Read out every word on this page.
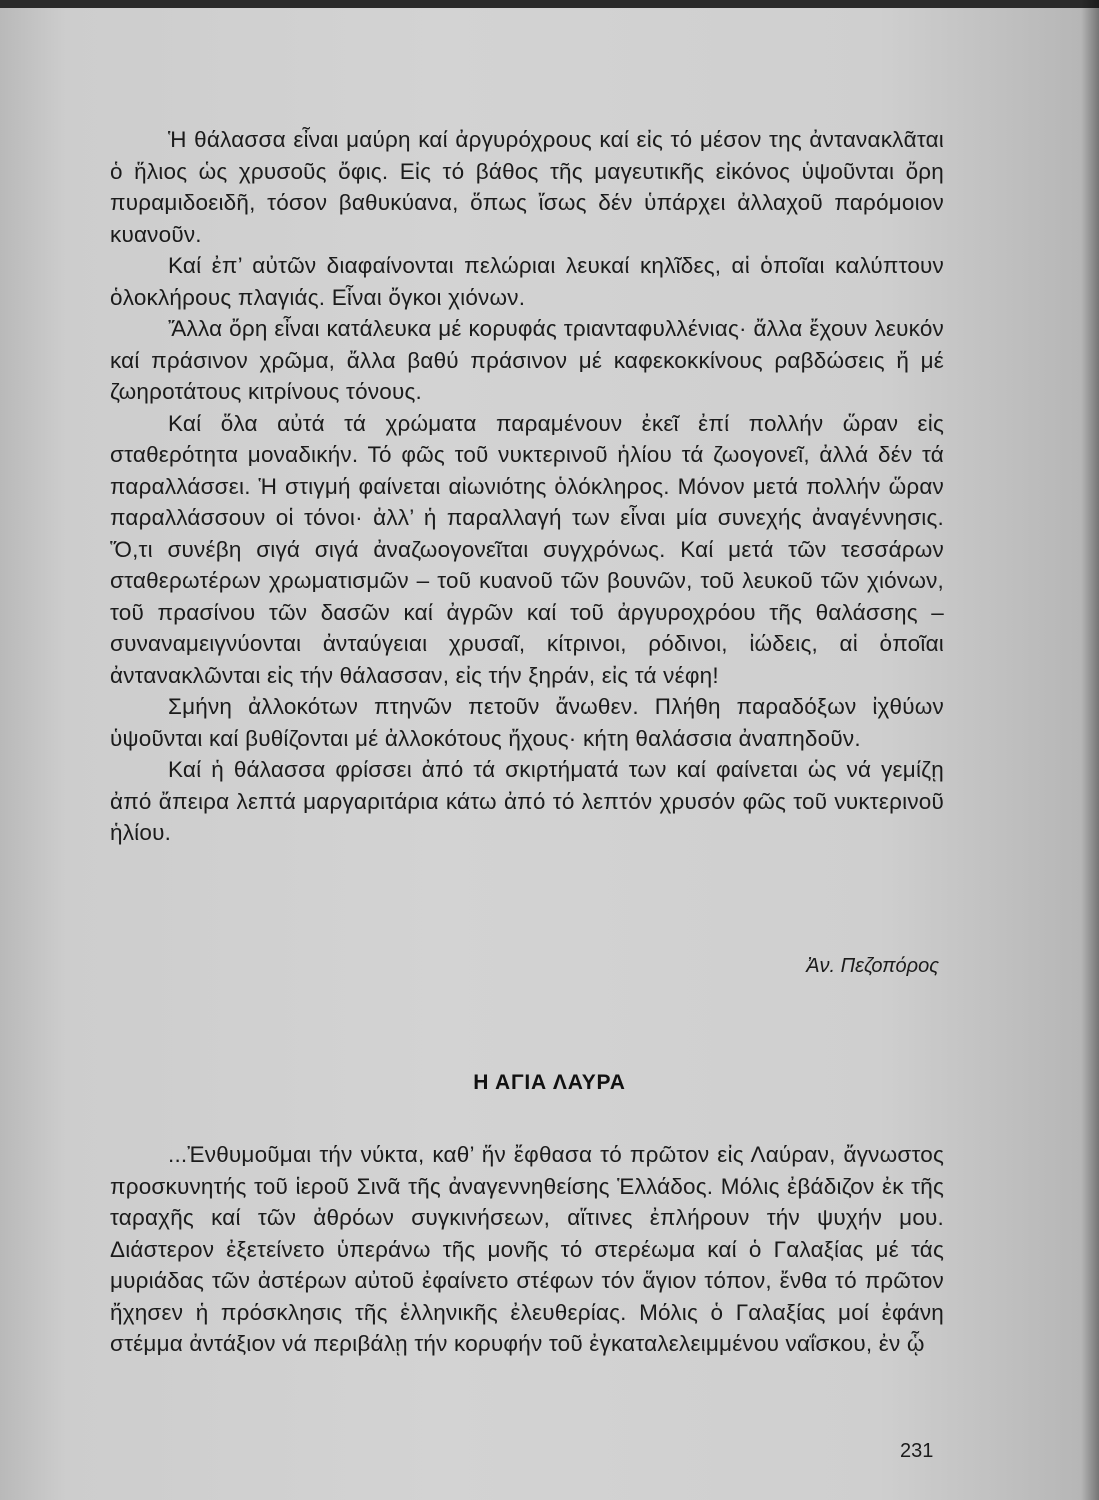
Ἡ θάλασσα εἶναι μαύρη καί ἀργυρόχρους καί εἰς τό μέσον της ἀντανακλᾶται ὁ ἥλιος ὡς χρυσοῦς ὄφις. Εἰς τό βάθος τῆς μαγευτικῆς εἰκόνος ὑψοῦνται ὄρη πυραμιδοειδῆ, τόσον βαθυκύανα, ὅπως ἴσως δέν ὑπάρχει ἀλλαχοῦ παρόμοιον κυανοῦν.

Καί ἐπ’ αὐτῶν διαφαίνονται πελώριαι λευκαί κηλῖδες, αἱ ὁποῖαι καλύπτουν ὁλοκλήρους πλαγιάς. Εἶναι ὄγκοι χιόνων.

Ἄλλα ὄρη εἶναι κατάλευκα μέ κορυφάς τριανταφυλλένιας· ἄλλα ἔχουν λευκόν καί πράσινον χρῶμα, ἄλλα βαθύ πράσινον μέ καφεκοκκίνους ραβδώσεις ἤ μέ ζωηροτάτους κιτρίνους τόνους.

Καί ὅλα αὐτά τά χρώματα παραμένουν ἐκεῖ ἐπί πολλήν ὥραν εἰς σταθερότητα μοναδικήν. Τό φῶς τοῦ νυκτερινοῦ ἡλίου τά ζωογονεῖ, ἀλλά δέν τά παραλλάσσει. Ἡ στιγμή φαίνεται αἰωνιότης ὁλόκληρος. Μόνον μετά πολλήν ὥραν παραλλάσσουν οἱ τόνοι· ἀλλ’ ἡ παραλλαγή των εἶναι μία συνεχής ἀναγέννησις. Ὅ,τι συνέβη σιγά σιγά ἀναζωογονεῖται συγχρόνως. Καί μετά τῶν τεσσάρων σταθερωτέρων χρωματισμῶν – τοῦ κυανοῦ τῶν βουνῶν, τοῦ λευκοῦ τῶν χιόνων, τοῦ πρασίνου τῶν δασῶν καί ἀγρῶν καί τοῦ ἀργυροχρόου τῆς θαλάσσης – συναναμειγνύονται ἀνταύγειαι χρυσαῖ, κίτρινοι, ρόδινοι, ἰώδεις, αἱ ὁποῖαι ἀντανακλῶνται εἰς τήν θάλασσαν, εἰς τήν ξηράν, εἰς τά νέφη!

Σμήνη ἀλλοκότων πτηνῶν πετοῦν ἄνωθεν. Πλήθη παραδόξων ἰχθύων ὑψοῦνται καί βυθίζονται μέ ἀλλοκότους ἤχους· κήτη θαλάσσια ἀναπηδοῦν.

Καί ἡ θάλασσα φρίσσει ἀπό τά σκιρτήματά των καί φαίνεται ὡς νά γεμίζῃ ἀπό ἄπειρα λεπτά μαργαριτάρια κάτω ἀπό τό λεπτόν χρυσόν φῶς τοῦ νυκτερινοῦ ἡλίου.

Ἀν. Πεζοπόρος
Η ΑΓΙΑ ΛΑΥΡΑ

...Ἐνθυμοῦμαι τήν νύκτα, καθ’ ἥν ἔφθασα τό πρῶτον εἰς Λαύραν, ἄγνωστος προσκυνητής τοῦ ἱεροῦ Σινᾶ τῆς ἀναγεννηθείσης Ἑλλάδος. Μόλις ἐβάδιζον ἐκ τῆς ταραχῆς καί τῶν ἀθρόων συγκινήσεων, αἵτινες ἐπλήρουν τήν ψυχήν μου. Διάστερον ἐξετείνετο ὑπεράνω τῆς μονῆς τό στερέωμα καί ὁ Γαλαξίας μέ τάς μυριάδας τῶν ἀστέρων αὐτοῦ ἐφαίνετο στέφων τόν ἅγιον τόπον, ἔνθα τό πρῶτον ἤχησεν ἡ πρόσκλησις τῆς ἑλληνικῆς ἐλευθερίας. Μόλις ὁ Γαλαξίας μοί ἐφάνη στέμμα ἀντάξιον νά περιβάλῃ τήν κορυφήν τοῦ ἐγκαταλελειμμένου ναΐσκου, ἐν ᾧ

231
